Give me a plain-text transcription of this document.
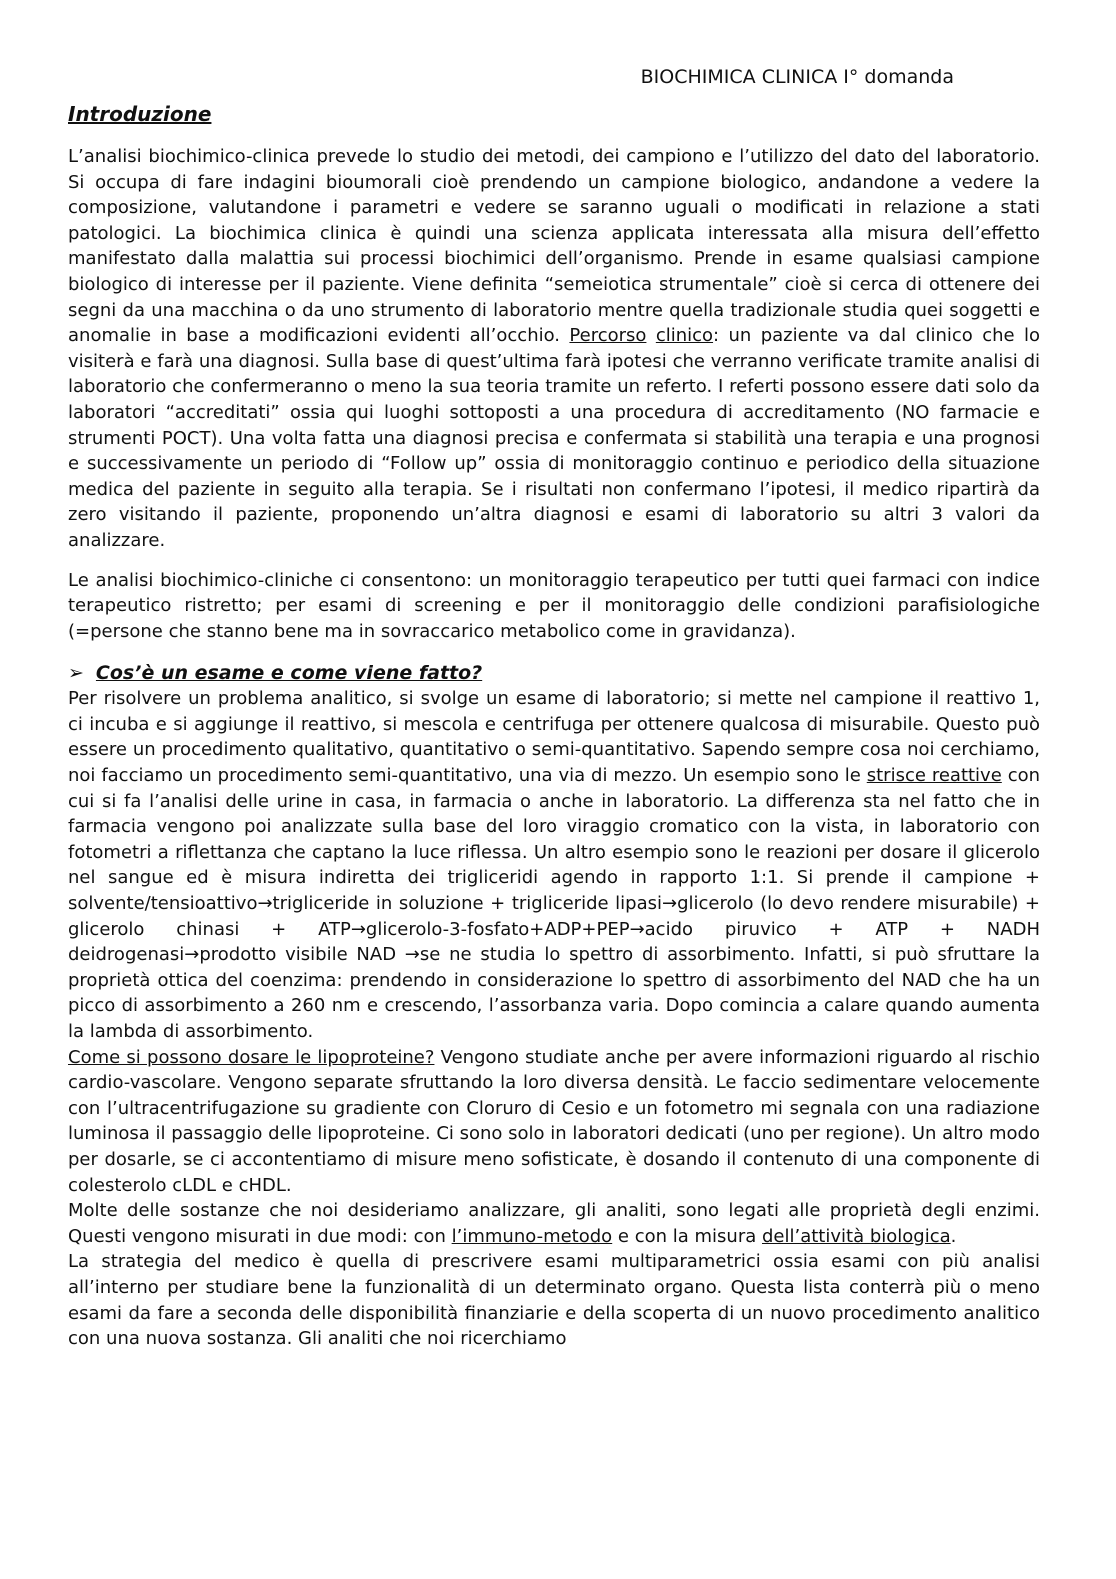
BIOCHIMICA CLINICA I° domanda
Introduzione

L’analisi biochimico-clinica prevede lo studio dei metodi, dei campiono e l’utilizzo del dato del laboratorio. Si occupa di fare indagini bioumorali cioè prendendo un campione biologico, andandone a vedere la composizione, valutandone i parametri e vedere se saranno uguali o modificati in relazione a stati patologici. La biochimica clinica è quindi una scienza applicata interessata alla misura dell’effetto manifestato dalla malattia sui processi biochimici dell’organismo. Prende in esame qualsiasi campione biologico di interesse per il paziente. Viene definita “semeiotica strumentale” cioè si cerca di ottenere dei segni da una macchina o da uno strumento di laboratorio mentre quella tradizionale studia quei soggetti e anomalie in base a modificazioni evidenti all’occhio. Percorso clinico: un paziente va dal clinico che lo visiterà e farà una diagnosi. Sulla base di quest’ultima farà ipotesi che verranno verificate tramite analisi di laboratorio che confermeranno o meno la sua teoria tramite un referto. I referti possono essere dati solo da laboratori “accreditati” ossia qui luoghi sottoposti a una procedura di accreditamento (NO farmacie e strumenti POCT). Una volta fatta una diagnosi precisa e confermata si stabilità una terapia e una prognosi e successivamente un periodo di “Follow up” ossia di monitoraggio continuo e periodico della situazione medica del paziente in seguito alla terapia. Se i risultati non confermano l’ipotesi, il medico ripartirà da zero visitando il paziente, proponendo un’altra diagnosi e esami di laboratorio su altri 3 valori da analizzare.

Le analisi biochimico-cliniche ci consentono: un monitoraggio terapeutico per tutti quei farmaci con indice terapeutico ristretto; per esami di screening e per il monitoraggio delle condizioni parafisiologiche (=persone che stanno bene ma in sovraccarico metabolico come in gravidanza).

➢ Cos’è un esame e come viene fatto?

Per risolvere un problema analitico, si svolge un esame di laboratorio; si mette nel campione il reattivo 1, ci incuba e si aggiunge il reattivo, si mescola e centrifuga per ottenere qualcosa di misurabile. Questo può essere un procedimento qualitativo, quantitativo o semi-quantitativo. Sapendo sempre cosa noi cerchiamo, noi facciamo un procedimento semi-quantitativo, una via di mezzo. Un esempio sono le strisce reattive con cui si fa l’analisi delle urine in casa, in farmacia o anche in laboratorio. La differenza sta nel fatto che in farmacia vengono poi analizzate sulla base del loro viraggio cromatico con la vista, in laboratorio con fotometri a riflettanza che captano la luce riflessa. Un altro esempio sono le reazioni per dosare il glicerolo nel sangue ed è misura indiretta dei trigliceridi agendo in rapporto 1:1. Si prende il campione + solvente/tensioattivo→trigliceride in soluzione + trigliceride lipasi→glicerolo (lo devo rendere misurabile) + glicerolo chinasi + ATP→glicerolo-3-fosfato+ADP+PEP→acido piruvico + ATP + NADH deidrogenasi→prodotto visibile NAD →se ne studia lo spettro di assorbimento. Infatti, si può sfruttare la proprietà ottica del coenzima: prendendo in considerazione lo spettro di assorbimento del NAD che ha un picco di assorbimento a 260 nm e crescendo, l’assorbanza varia. Dopo comincia a calare quando aumenta la lambda di assorbimento.

Come si possono dosare le lipoproteine? Vengono studiate anche per avere informazioni riguardo al rischio cardio-vascolare. Vengono separate sfruttando la loro diversa densità. Le faccio sedimentare velocemente con l’ultracentrifugazione su gradiente con Cloruro di Cesio e un fotometro mi segnala con una radiazione luminosa il passaggio delle lipoproteine. Ci sono solo in laboratori dedicati (uno per regione). Un altro modo per dosarle, se ci accontentiamo di misure meno sofisticate, è dosando il contenuto di una componente di colesterolo cLDL e cHDL.

Molte delle sostanze che noi desideriamo analizzare, gli analiti, sono legati alle proprietà degli enzimi. Questi vengono misurati in due modi: con l’immuno-metodo e con la misura dell’attività biologica.

La strategia del medico è quella di prescrivere esami multiparametrici ossia esami con più analisi all’interno per studiare bene la funzionalità di un determinato organo. Questa lista conterrà più o meno esami da fare a seconda delle disponibilità finanziarie e della scoperta di un nuovo procedimento analitico con una nuova sostanza. Gli analiti che noi ricerchiamo
